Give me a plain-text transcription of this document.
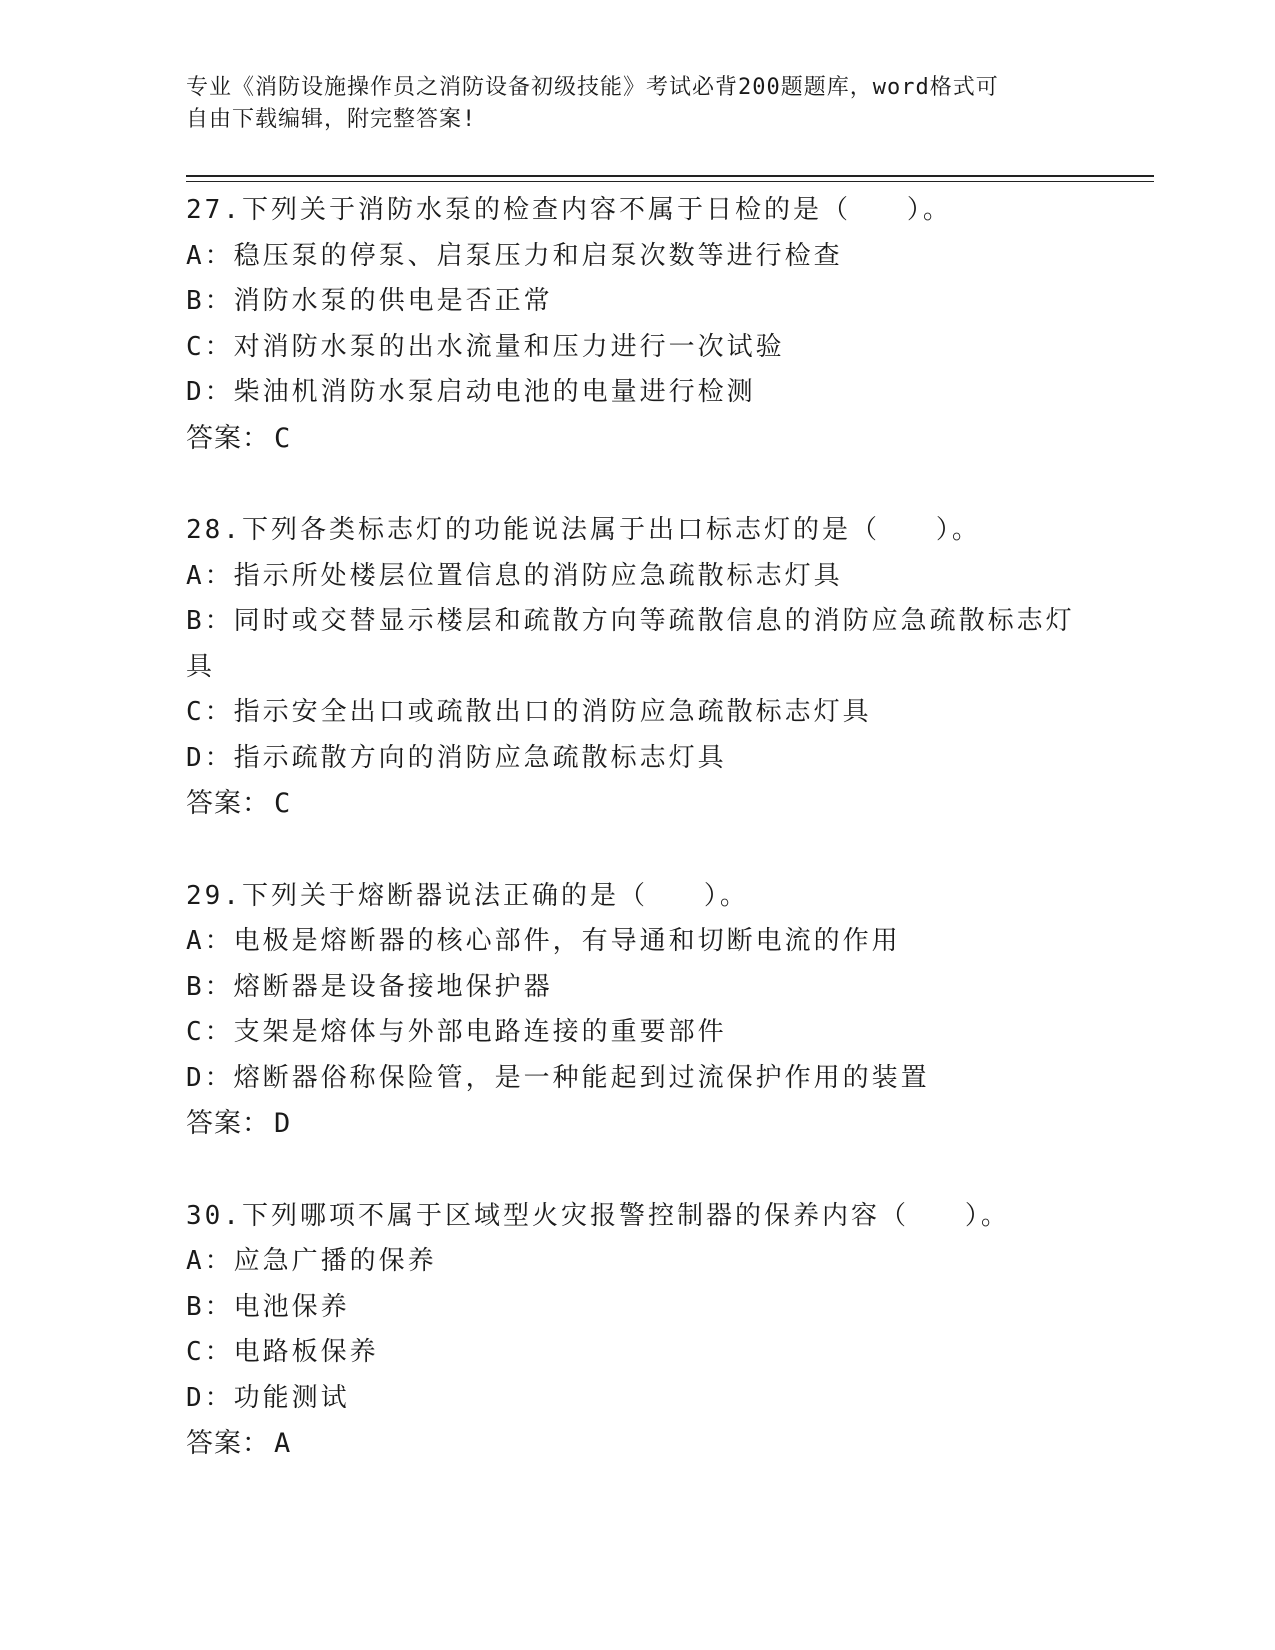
专业《消防设施操作员之消防设备初级技能》考试必背200题题库，word格式可
自由下载编辑，附完整答案!
27.下列关于消防水泵的检查内容不属于日检的是（   ）。
A：稳压泵的停泵、启泵压力和启泵次数等进行检查
B：消防水泵的供电是否正常
C：对消防水泵的出水流量和压力进行一次试验
D：柴油机消防水泵启动电池的电量进行检测
答案： C
28.下列各类标志灯的功能说法属于出口标志灯的是（   ）。
A：指示所处楼层位置信息的消防应急疏散标志灯具
B：同时或交替显示楼层和疏散方向等疏散信息的消防应急疏散标志灯具
C：指示安全出口或疏散出口的消防应急疏散标志灯具
D：指示疏散方向的消防应急疏散标志灯具
答案： C
29.下列关于熔断器说法正确的是（   ）。
A：电极是熔断器的核心部件，有导通和切断电流的作用
B：熔断器是设备接地保护器
C：支架是熔体与外部电路连接的重要部件
D：熔断器俗称保险管，是一种能起到过流保护作用的装置
答案： D
30.下列哪项不属于区域型火灾报警控制器的保养内容（   ）。
A：应急广播的保养
B：电池保养
C：电路板保养
D：功能测试
答案： A
